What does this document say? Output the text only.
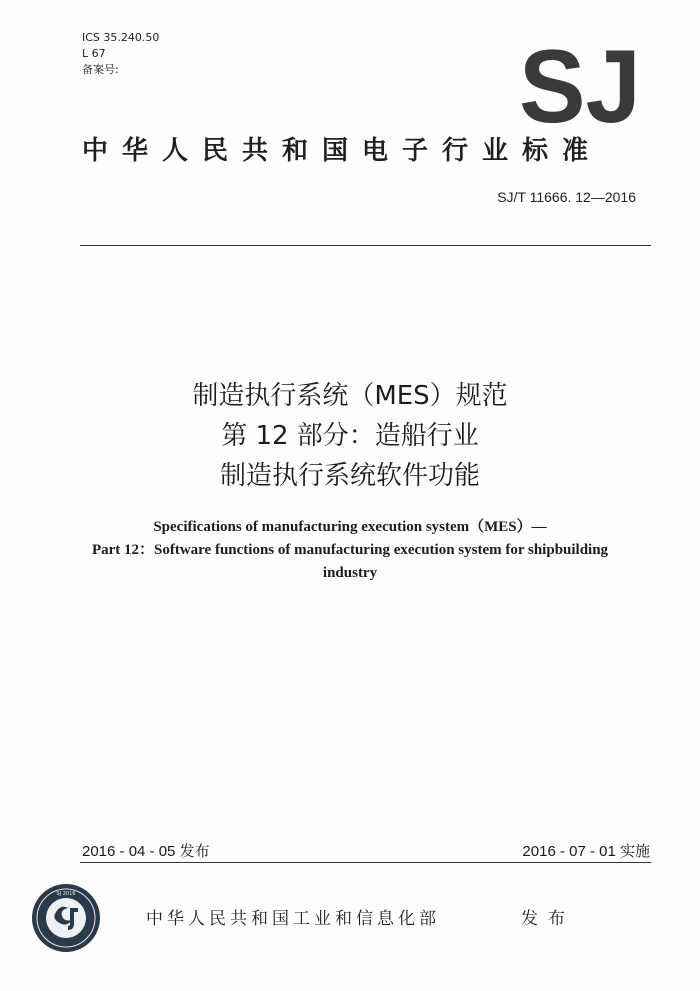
ICS 35.240.50
L 67
备案号:	SJ
中华人民共和国电子行业标准
SJ/T 11666. 12—2016
制造执行系统（MES）规范
第 12 部分：造船行业
制造执行系统软件功能
Specifications of manufacturing execution system（MES）—
Part 12：Software functions of manufacturing execution system for shipbuilding
industry
2016 - 04 - 05 发布	2016 - 07 - 01 实施
SJ 2016
中华人民共和国工业和信息化部	发布
